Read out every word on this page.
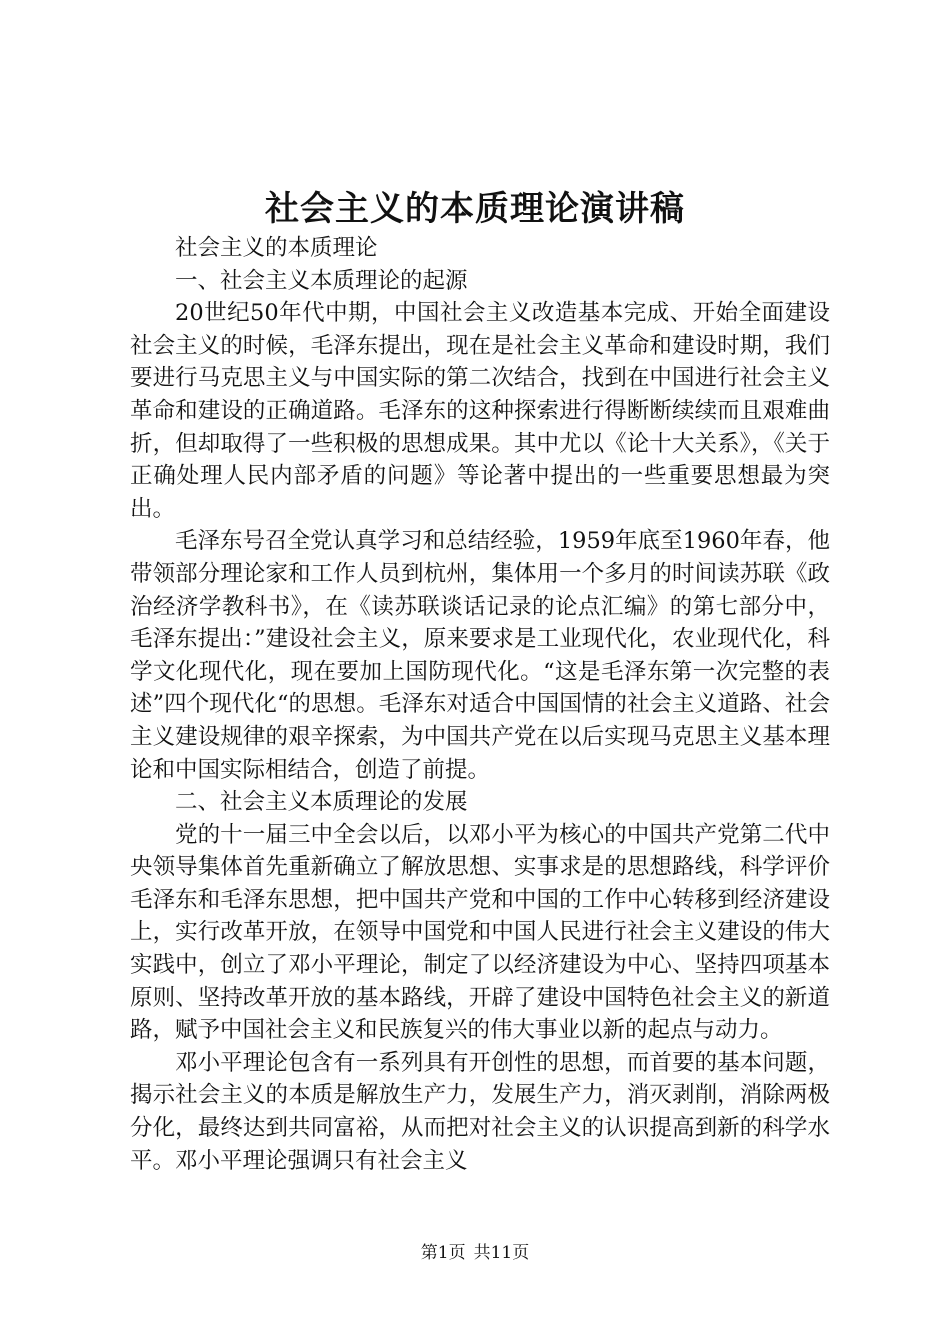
社会主义的本质理论演讲稿

社会主义的本质理论

一、社会主义本质理论的起源

20世纪50年代中期，中国社会主义改造基本完成、开始全面建设社会主义的时候，毛泽东提出，现在是社会主义革命和建设时期，我们要进行马克思主义与中国实际的第二次结合，找到在中国进行社会主义革命和建设的正确道路。毛泽东的这种探索进行得断断续续而且艰难曲折，但却取得了一些积极的思想成果。其中尤以《论十大关系》，《关于正确处理人民内部矛盾的问题》等论著中提出的一些重要思想最为突出。

毛泽东号召全党认真学习和总结经验，1959年底至1960年春，他带领部分理论家和工作人员到杭州，集体用一个多月的时间读苏联《政治经济学教科书》，在《读苏联谈话记录的论点汇编》的第七部分中，毛泽东提出：”建设社会主义，原来要求是工业现代化，农业现代化，科学文化现代化，现在要加上国防现代化。“这是毛泽东第一次完整的表述”四个现代化“的思想。毛泽东对适合中国国情的社会主义道路、社会主义建设规律的艰辛探索，为中国共产党在以后实现马克思主义基本理论和中国实际相结合，创造了前提。

二、社会主义本质理论的发展

党的十一届三中全会以后，以邓小平为核心的中国共产党第二代中央领导集体首先重新确立了解放思想、实事求是的思想路线，科学评价毛泽东和毛泽东思想，把中国共产党和中国的工作中心转移到经济建设上，实行改革开放，在领导中国党和中国人民进行社会主义建设的伟大实践中，创立了邓小平理论，制定了以经济建设为中心、坚持四项基本原则、坚持改革开放的基本路线，开辟了建设中国特色社会主义的新道路，赋予中国社会主义和民族复兴的伟大事业以新的起点与动力。

邓小平理论包含有一系列具有开创性的思想，而首要的基本问题，揭示社会主义的本质是解放生产力，发展生产力，消灭剥削，消除两极分化，最终达到共同富裕，从而把对社会主义的认识提高到新的科学水平。邓小平理论强调只有社会主义

第1页 共11页
